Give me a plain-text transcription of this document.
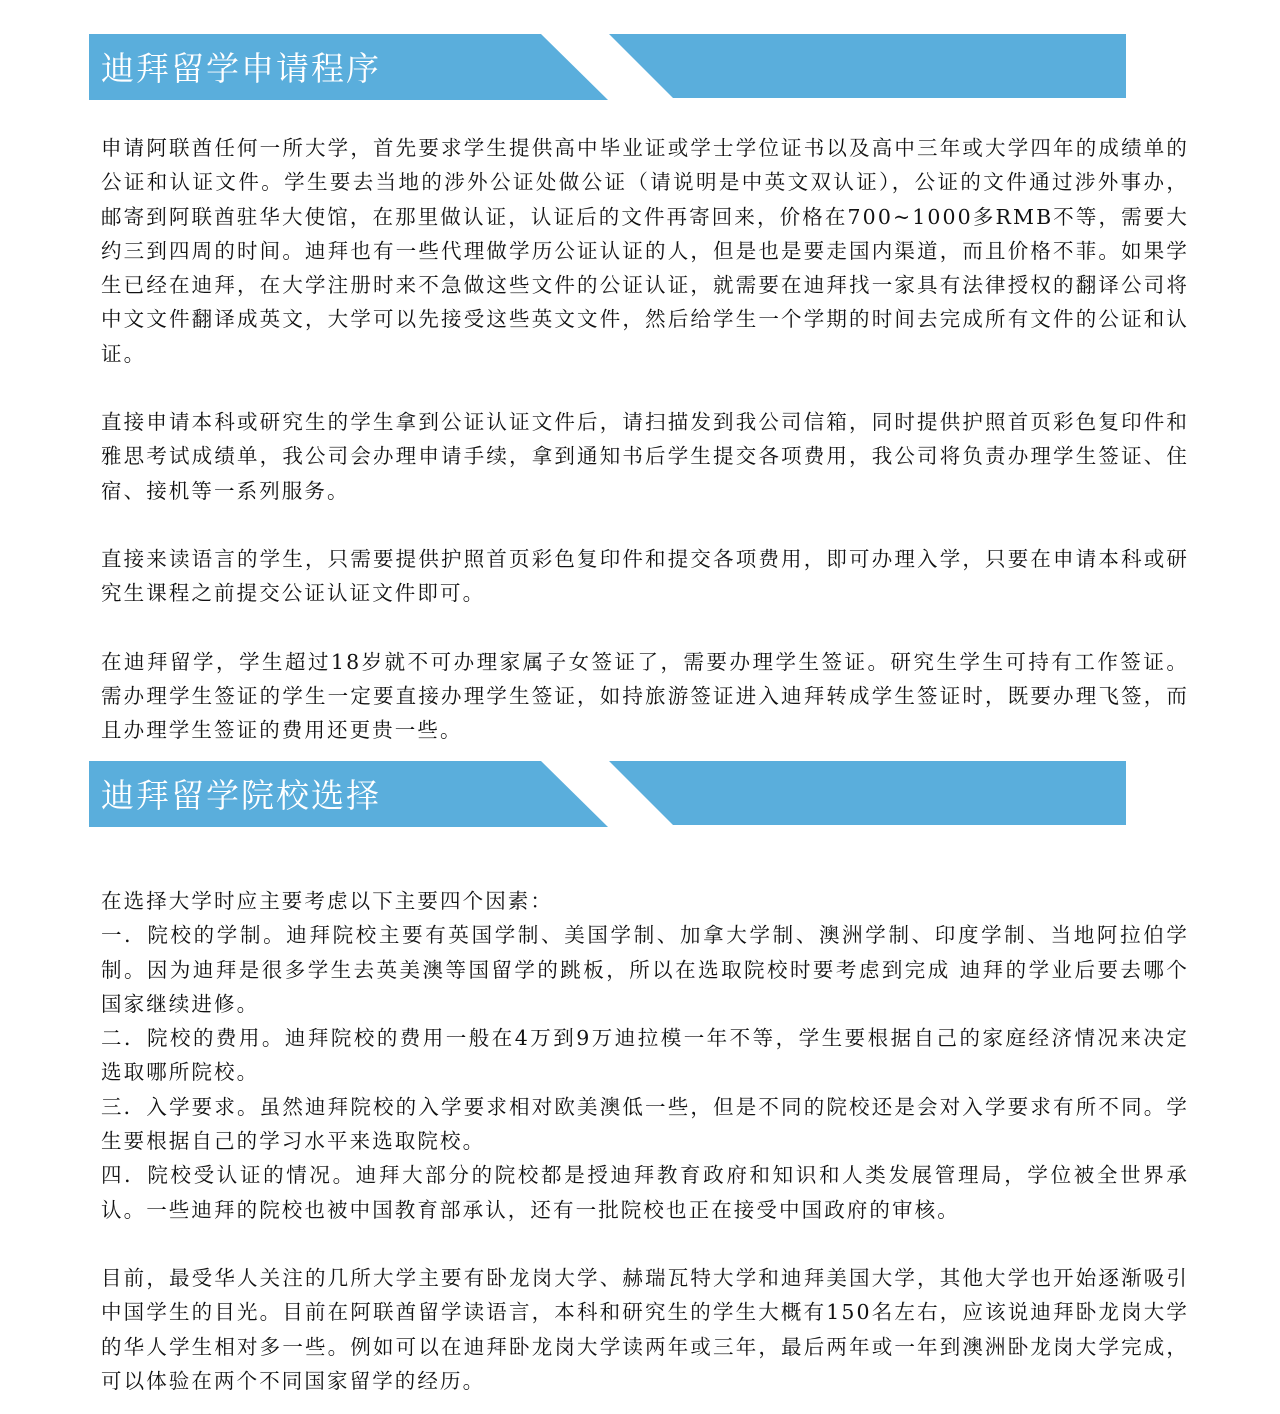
迪拜留学申请程序

申请阿联酋任何一所大学，首先要求学生提供高中毕业证或学士学位证书以及高中三年或大学四年的成绩单的公证和认证文件。学生要去当地的涉外公证处做公证（请说明是中英文双认证），公证的文件通过涉外事办，邮寄到阿联酋驻华大使馆，在那里做认证，认证后的文件再寄回来，价格在700~1000多RMB不等，需要大约三到四周的时间。迪拜也有一些代理做学历公证认证的人，但是也是要走国内渠道，而且价格不菲。如果学生已经在迪拜，在大学注册时来不急做这些文件的公证认证，就需要在迪拜找一家具有法律授权的翻译公司将中文文件翻译成英文，大学可以先接受这些英文文件，然后给学生一个学期的时间去完成所有文件的公证和认证。

直接申请本科或研究生的学生拿到公证认证文件后，请扫描发到我公司信箱，同时提供护照首页彩色复印件和雅思考试成绩单，我公司会办理申请手续，拿到通知书后学生提交各项费用，我公司将负责办理学生签证、住宿、接机等一系列服务。

直接来读语言的学生，只需要提供护照首页彩色复印件和提交各项费用，即可办理入学，只要在申请本科或研究生课程之前提交公证认证文件即可。

在迪拜留学，学生超过18岁就不可办理家属子女签证了，需要办理学生签证。研究生学生可持有工作签证。需办理学生签证的学生一定要直接办理学生签证，如持旅游签证进入迪拜转成学生签证时，既要办理飞签，而且办理学生签证的费用还更贵一些。

迪拜留学院校选择

在选择大学时应主要考虑以下主要四个因素：

一．院校的学制。迪拜院校主要有英国学制、美国学制、加拿大学制、澳洲学制、印度学制、当地阿拉伯学制。因为迪拜是很多学生去英美澳等国留学的跳板，所以在选取院校时要考虑到完成 迪拜的学业后要去哪个国家继续进修。

二．院校的费用。迪拜院校的费用一般在4万到9万迪拉模一年不等，学生要根据自己的家庭经济情况来决定选取哪所院校。

三．入学要求。虽然迪拜院校的入学要求相对欧美澳低一些，但是不同的院校还是会对入学要求有所不同。学生要根据自己的学习水平来选取院校。

四．院校受认证的情况。迪拜大部分的院校都是授迪拜教育政府和知识和人类发展管理局，学位被全世界承认。一些迪拜的院校也被中国教育部承认，还有一批院校也正在接受中国政府的审核。

目前，最受华人关注的几所大学主要有卧龙岗大学、赫瑞瓦特大学和迪拜美国大学，其他大学也开始逐渐吸引中国学生的目光。目前在阿联酋留学读语言，本科和研究生的学生大概有150名左右，应该说迪拜卧龙岗大学的华人学生相对多一些。例如可以在迪拜卧龙岗大学读两年或三年，最后两年或一年到澳洲卧龙岗大学完成，可以体验在两个不同国家留学的经历。
